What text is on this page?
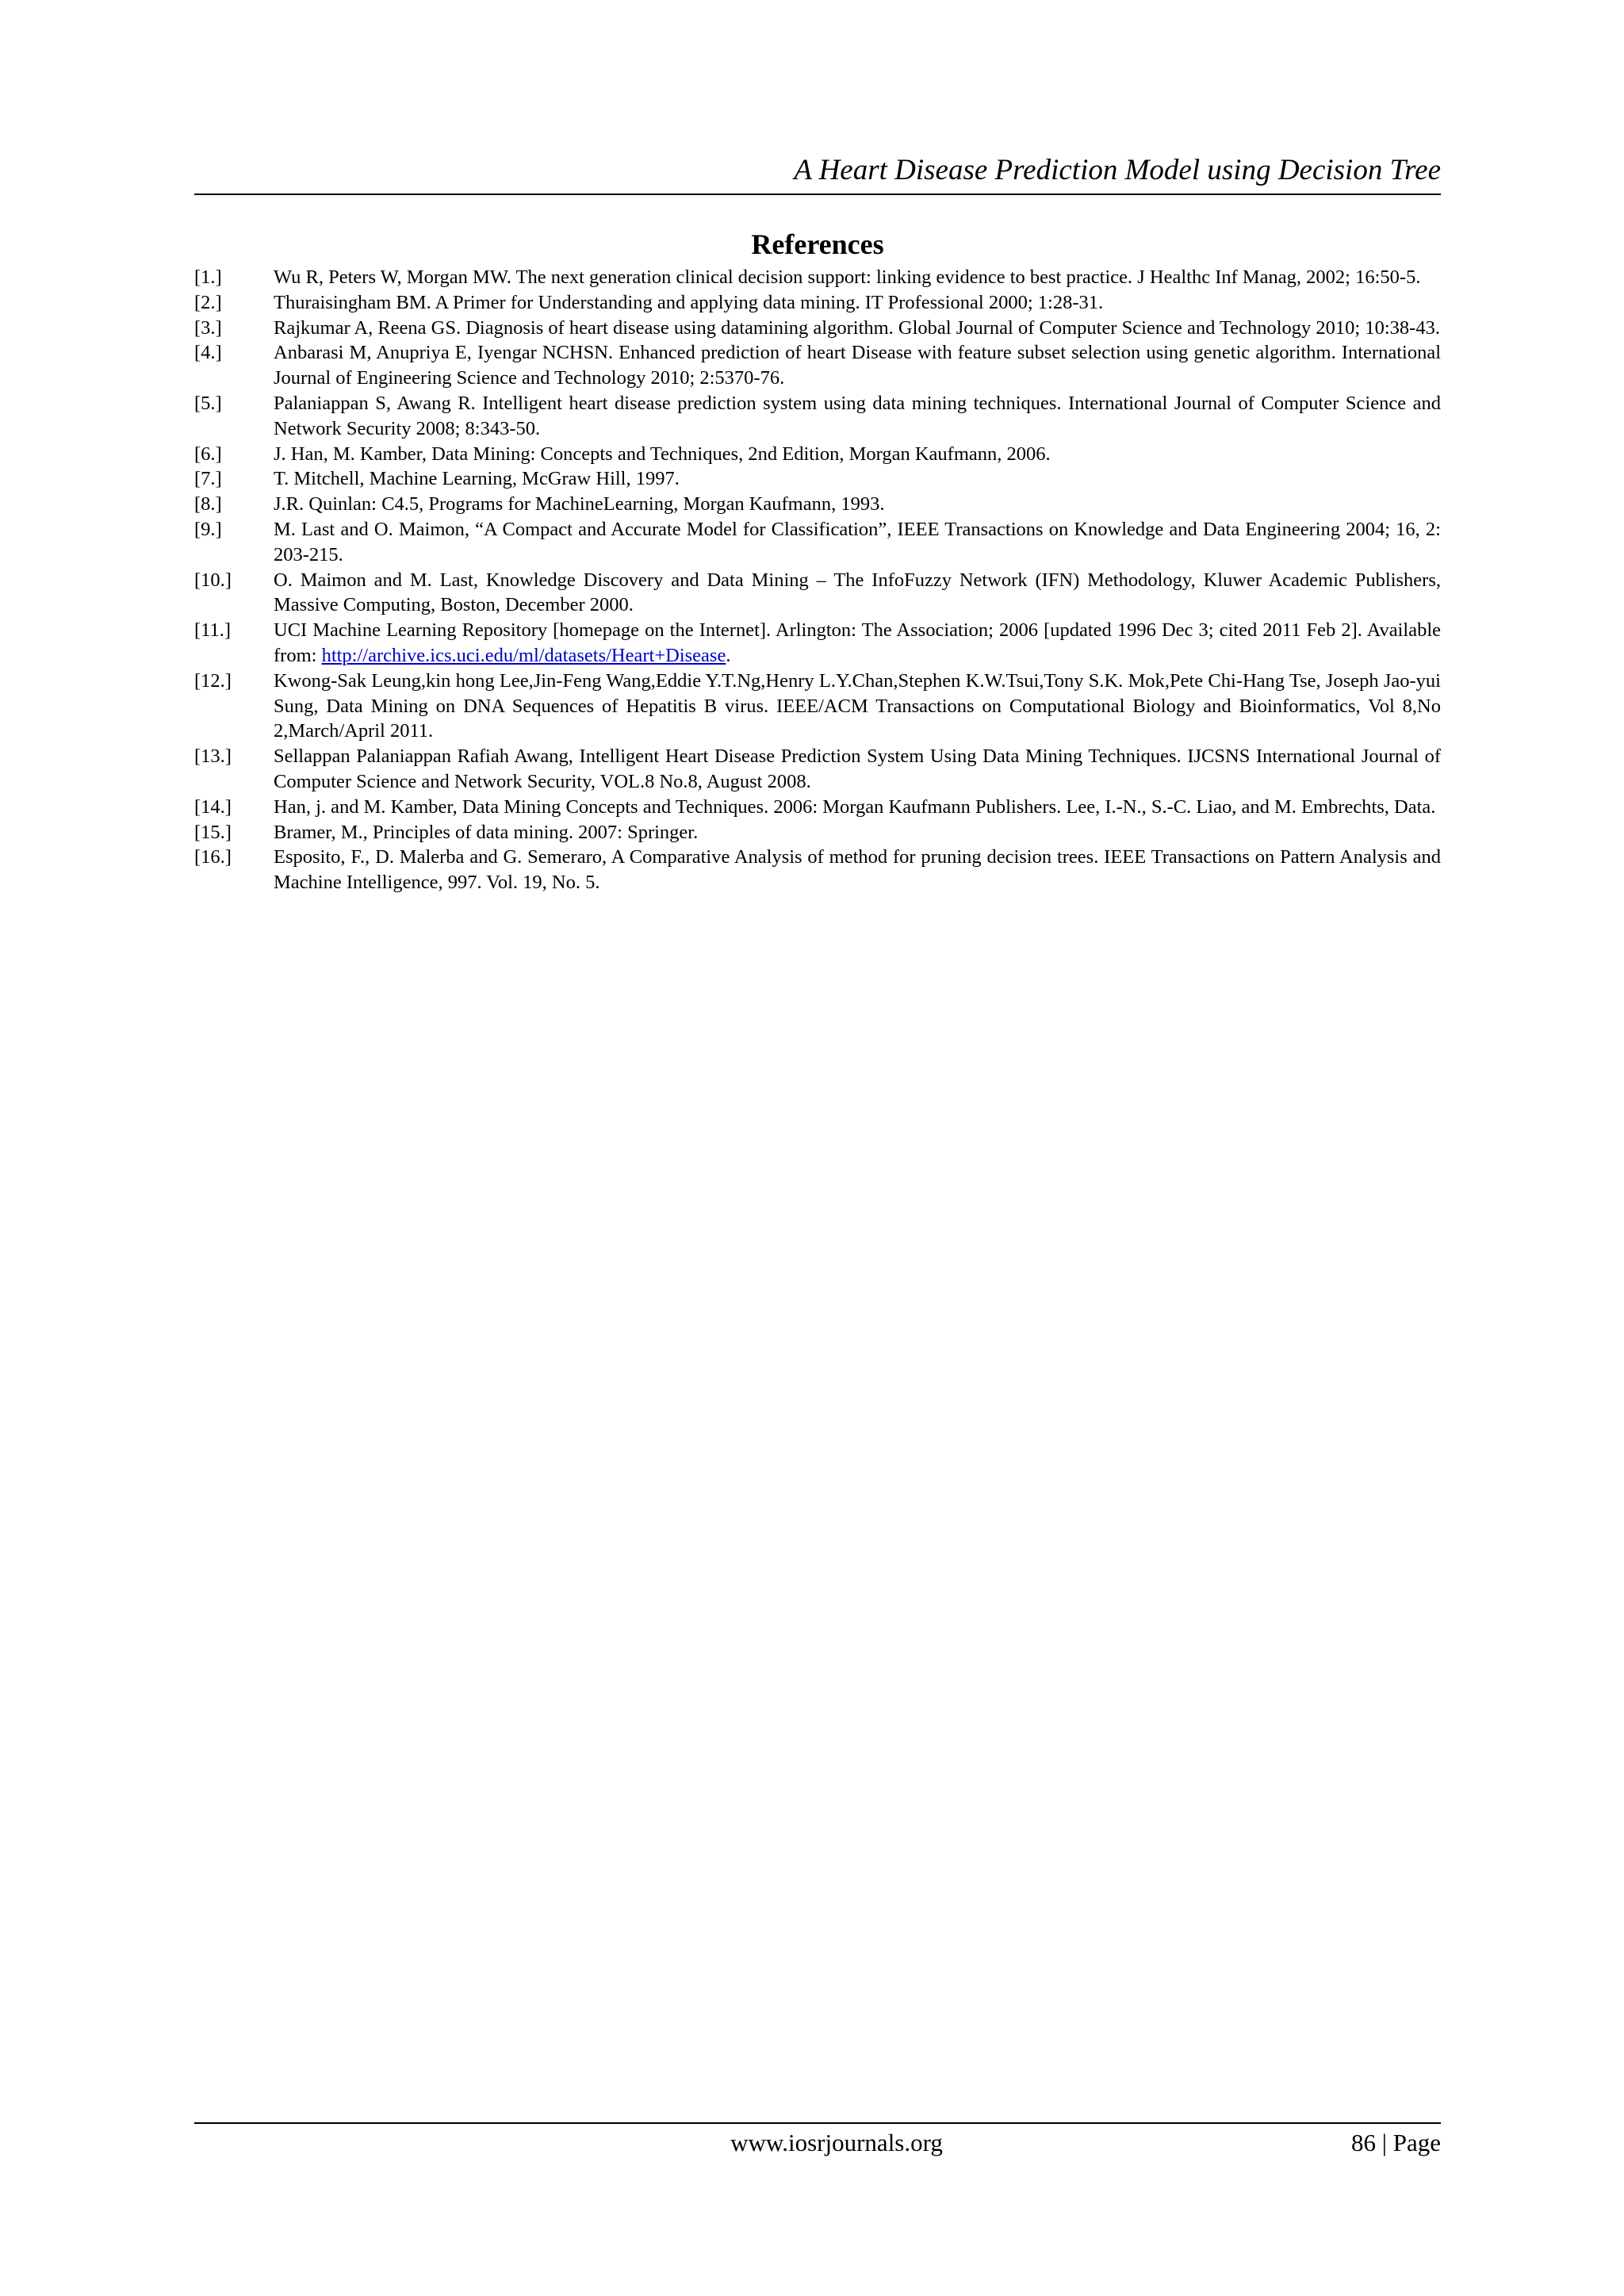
A Heart Disease Prediction Model using Decision Tree
References
[1.]	Wu R, Peters W, Morgan MW. The next generation clinical decision support: linking evidence to best practice. J Healthc Inf Manag, 2002; 16:50-5.
[2.]	Thuraisingham BM. A Primer for Understanding and applying data mining. IT Professional 2000; 1:28-31.
[3.]	Rajkumar A, Reena GS. Diagnosis of heart disease using datamining algorithm. Global Journal of Computer Science and Technology 2010; 10:38-43.
[4.]	Anbarasi M, Anupriya E, Iyengar NCHSN. Enhanced prediction of heart Disease with feature subset selection using genetic algorithm. International Journal of Engineering Science and Technology 2010; 2:5370-76.
[5.]	Palaniappan S, Awang R. Intelligent heart disease prediction system using data mining techniques. International Journal of Computer Science and Network Security 2008; 8:343-50.
[6.]	J. Han, M. Kamber, Data Mining: Concepts and Techniques, 2nd Edition, Morgan Kaufmann, 2006.
[7.]	T. Mitchell, Machine Learning, McGraw Hill, 1997.
[8.]	J.R. Quinlan: C4.5, Programs for MachineLearning, Morgan Kaufmann, 1993.
[9.]	M. Last and O. Maimon, “A Compact and Accurate Model for Classification”, IEEE Transactions on Knowledge and Data Engineering 2004; 16, 2: 203-215.
[10.]	O. Maimon and M. Last, Knowledge Discovery and Data Mining – The InfoFuzzy Network (IFN) Methodology, Kluwer Academic Publishers, Massive Computing, Boston, December 2000.
[11.]	UCI Machine Learning Repository [homepage on the Internet]. Arlington: The Association; 2006 [updated 1996 Dec 3; cited 2011 Feb 2]. Available from: http://archive.ics.uci.edu/ml/datasets/Heart+Disease.
[12.]	Kwong-Sak Leung,kin hong Lee,Jin-Feng Wang,Eddie Y.T.Ng,Henry L.Y.Chan,Stephen K.W.Tsui,Tony S.K. Mok,Pete Chi-Hang Tse, Joseph Jao-yui Sung, Data Mining on DNA Sequences of Hepatitis B virus. IEEE/ACM Transactions on Computational Biology and Bioinformatics, Vol 8,No 2,March/April 2011.
[13.]	Sellappan Palaniappan Rafiah Awang, Intelligent Heart Disease Prediction System Using Data Mining Techniques. IJCSNS International Journal of Computer Science and Network Security, VOL.8 No.8, August 2008.
[14.]	Han, j. and M. Kamber, Data Mining Concepts and Techniques. 2006: Morgan Kaufmann Publishers. Lee, I.-N., S.-C. Liao, and M. Embrechts, Data.
[15.]	Bramer, M., Principles of data mining. 2007: Springer.
[16.]	Esposito, F., D. Malerba and G. Semeraro, A Comparative Analysis of method for pruning decision trees. IEEE Transactions on Pattern Analysis and Machine Intelligence, 997. Vol. 19, No. 5.
www.iosrjournals.org	86 | Page
